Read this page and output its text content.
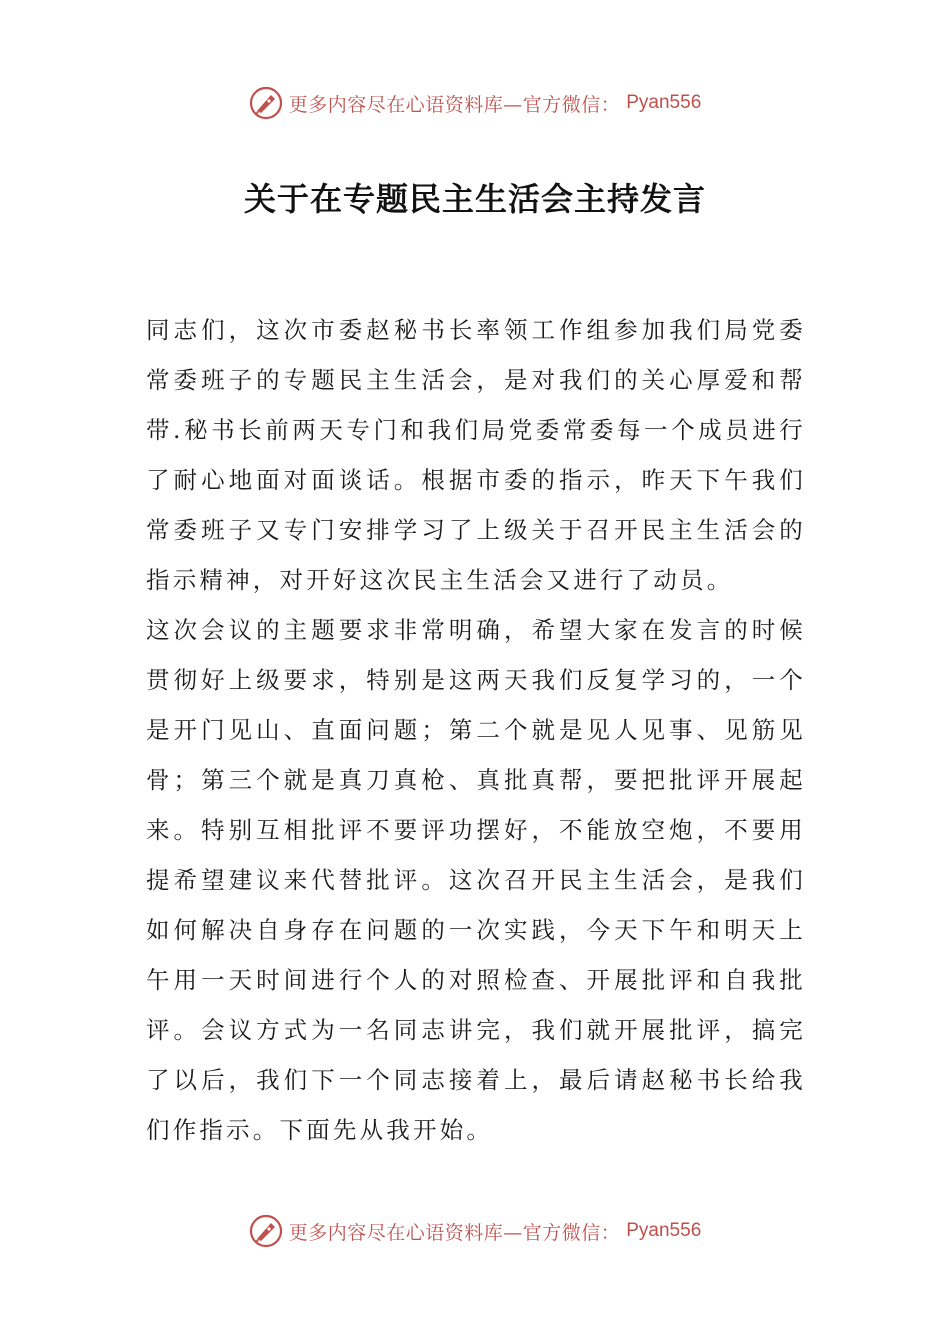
更多内容尽在心语资料库—官方微信： Pyan556
关于在专题民主生活会主持发言

同志们，这次市委赵秘书长率领工作组参加我们局党委常委班子的专题民主生活会，是对我们的关心厚爱和帮带.秘书长前两天专门和我们局党委常委每一个成员进行了耐心地面对面谈话。根据市委的指示，昨天下午我们常委班子又专门安排学习了上级关于召开民主生活会的指示精神，对开好这次民主生活会又进行了动员。

这次会议的主题要求非常明确，希望大家在发言的时候贯彻好上级要求，特别是这两天我们反复学习的，一个是开门见山、直面问题；第二个就是见人见事、见筋见骨；第三个就是真刀真枪、真批真帮，要把批评开展起来。特别互相批评不要评功摆好，不能放空炮，不要用提希望建议来代替批评。这次召开民主生活会，是我们如何解决自身存在问题的一次实践，今天下午和明天上午用一天时间进行个人的对照检查、开展批评和自我批评。会议方式为一名同志讲完，我们就开展批评，搞完了以后，我们下一个同志接着上，最后请赵秘书长给我们作指示。下面先从我开始。

更多内容尽在心语资料库—官方微信： Pyan556
